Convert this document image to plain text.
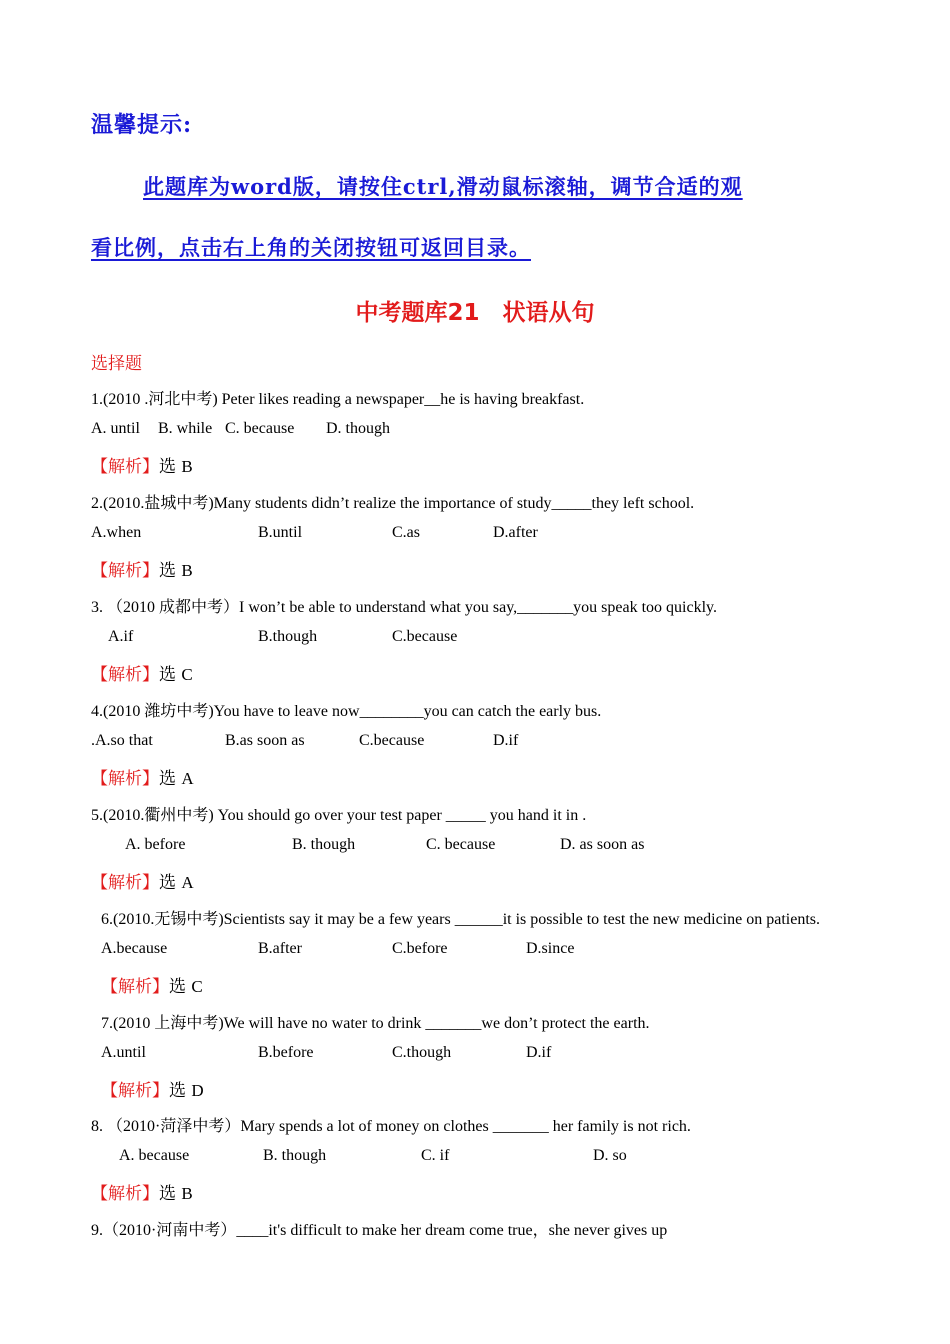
温馨提示:
此题库为word版，请按住ctrl,滑动鼠标滚轴，调节合适的观
看比例，点击右上角的关闭按钮可返回目录。
中考题库21　状语从句
选择题
1.(2010 .河北中考) Peter likes reading a newspaper__he is having breakfast.
A. until B. while C. because D. though
【解析】选 B
2.(2010.盐城中考)Many students didn’t realize the importance of study_____they left school.
A.when	B.until	C.as	D.after
【解析】选 B
3. （2010 成都中考）I won’t be able to understand what you say,_______you speak too quickly.
A.if	B.though	C.because
【解析】选 C
4.(2010 潍坊中考)You have to leave now________you can catch the early bus.
.A.so that	B.as soon as	C.because	D.if
【解析】选 A
5.(2010.衢州中考) You should go over your test paper _____ you hand it in .
A. before	B. though	C. because	D. as soon as
【解析】选 A
6.(2010.无锡中考)Scientists say it may be a few years ______it is possible to test the new medicine on patients.
A.because	B.after	C.before	D.since
【解析】选 C
7.(2010 上海中考)We will have no water to drink _______we don’t protect the earth.
A.until	B.before	C.though	D.if
【解析】选 D
8. （2010·菏泽中考）Mary spends a lot of money on clothes _______ her family is not rich.
A. because	B. though	C. if	D. so
【解析】选 B
9.（2010·河南中考）____it's difficult to make her dream come true，she never gives up
